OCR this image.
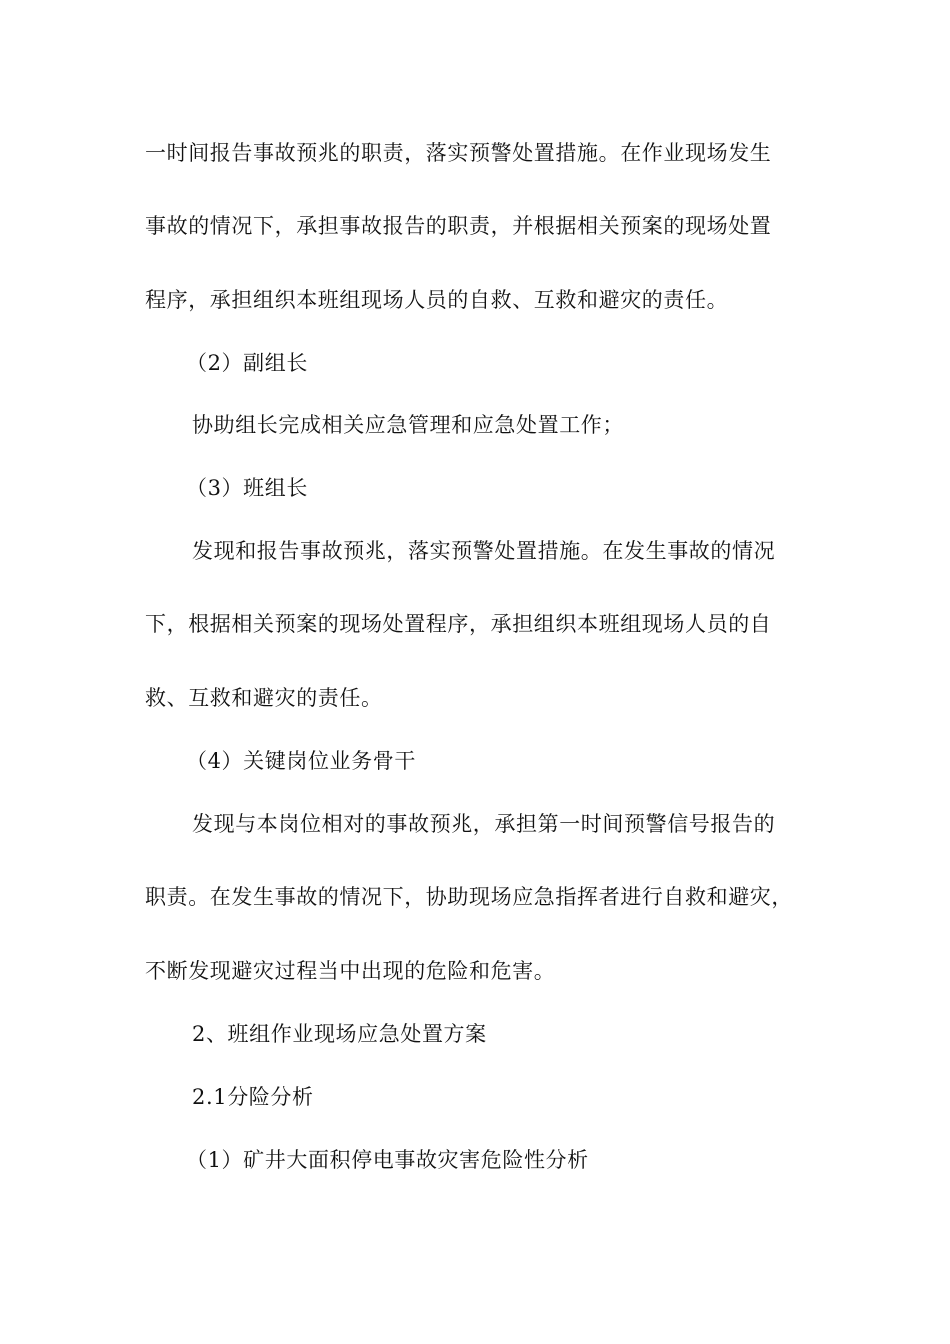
一时间报告事故预兆的职责，落实预警处置措施。在作业现场发生
事故的情况下，承担事故报告的职责，并根据相关预案的现场处置
程序，承担组织本班组现场人员的自救、互救和避灾的责任。
（2）副组长
协助组长完成相关应急管理和应急处置工作；
（3）班组长
发现和报告事故预兆，落实预警处置措施。在发生事故的情况
下，根据相关预案的现场处置程序，承担组织本班组现场人员的自
救、互救和避灾的责任。
（4）关键岗位业务骨干
发现与本岗位相对的事故预兆，承担第一时间预警信号报告的
职责。在发生事故的情况下，协助现场应急指挥者进行自救和避灾，
不断发现避灾过程当中出现的危险和危害。
2、班组作业现场应急处置方案
2.1分险分析
（1）矿井大面积停电事故灾害危险性分析
